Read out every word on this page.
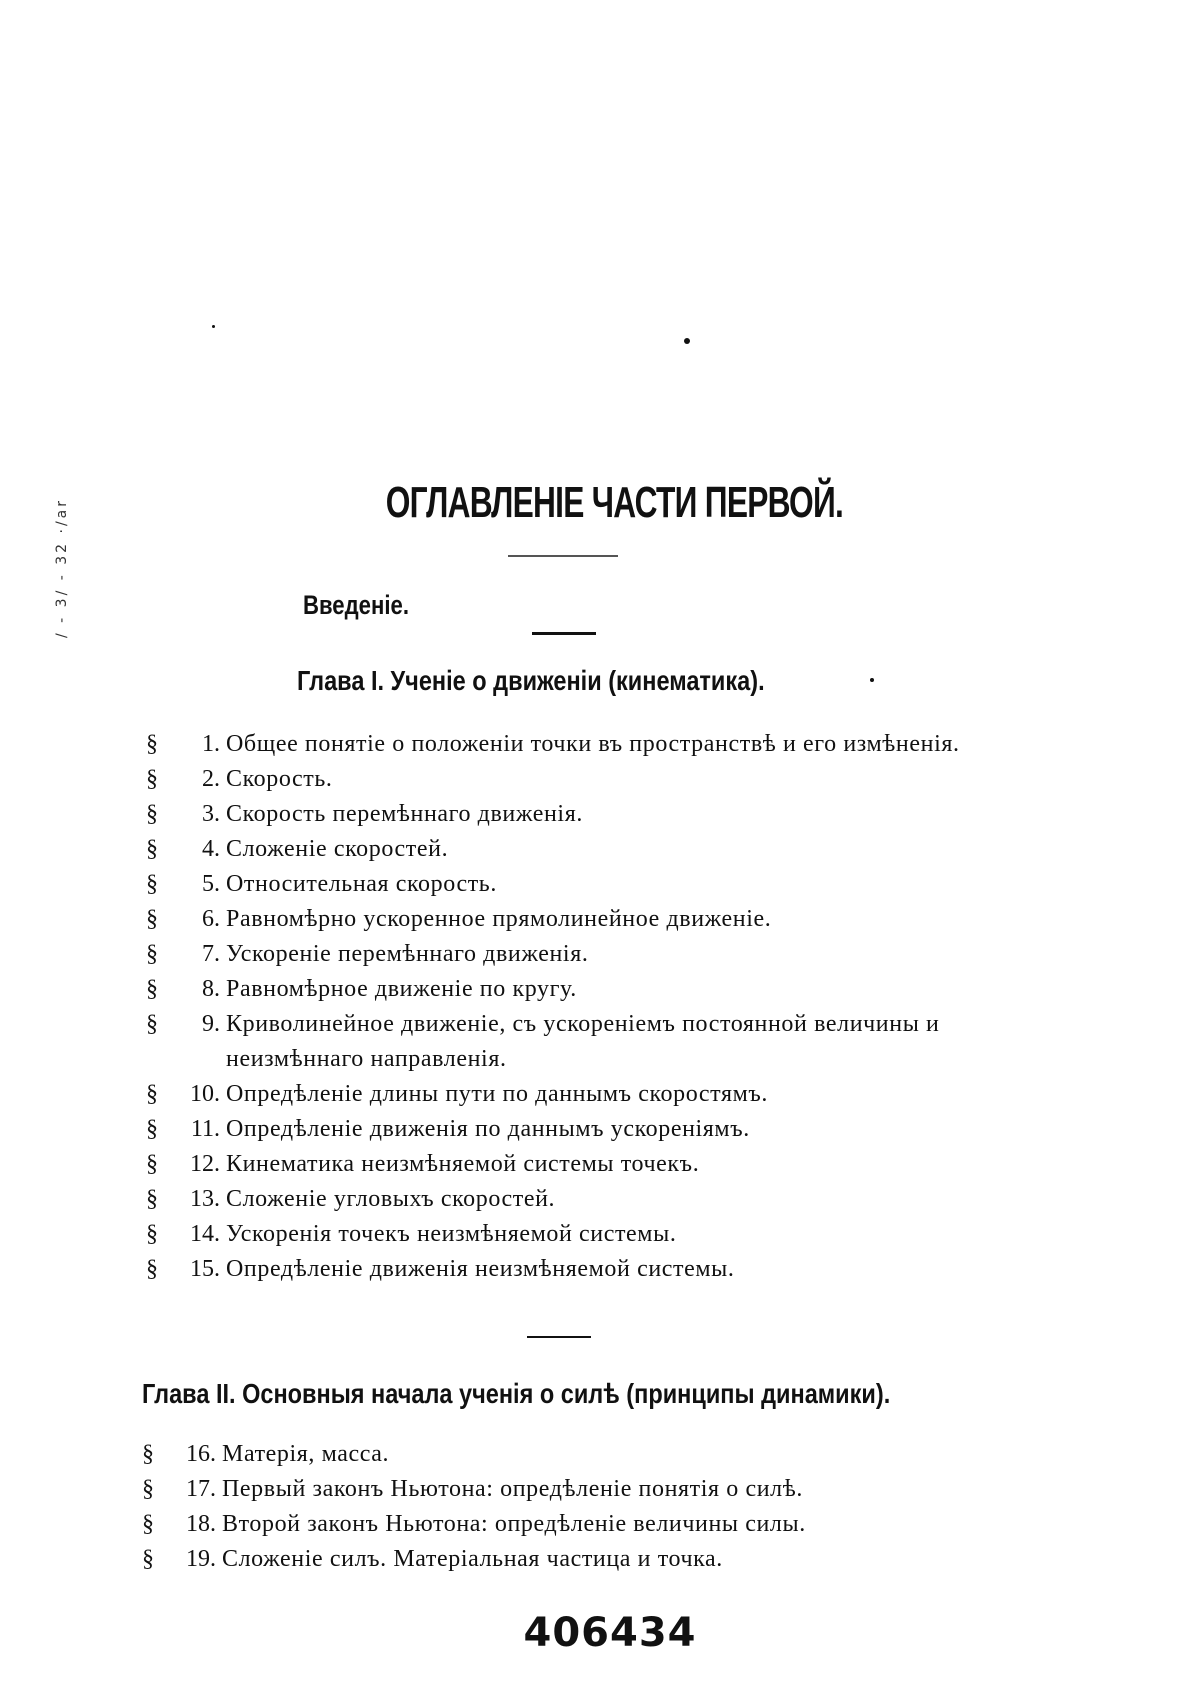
/ - 3/ - 32 ·/ar	ОГЛАВЛЕНІЕ ЧАСТИ ПЕРВОЙ.
Введеніе.
Глава I. Ученіе о движеніи (кинематика).
§	1. Общее понятіе о положеніи точки въ пространствѣ и его измѣненія.
§	2. Скорость.
§	3. Скорость перемѣннаго движенія.
§	4. Сложеніе скоростей.
§	5. Относительная скорость.
§	6. Равномѣрно ускоренное прямолинейное движеніе.
§	7. Ускореніе перемѣннаго движенія.
§	8. Равномѣрное движеніе по кругу.
§	9. Криволинейное движеніе, съ ускореніемъ постоянной величины и неизмѣннаго направленія.
§	10. Опредѣленіе длины пути по даннымъ скоростямъ.
§	11. Опредѣленіе движенія по даннымъ ускореніямъ.
§	12. Кинематика неизмѣняемой системы точекъ.
§	13. Сложеніе угловыхъ скоростей.
§	14. Ускоренія точекъ неизмѣняемой системы.
§	15. Опредѣленіе движенія неизмѣняемой системы.
Глава II. Основныя начала ученія о силѣ (принципы динамики).
§	16. Матерія, масса.
§	17. Первый законъ Ньютона: опредѣленіе понятія о силѣ.
§	18. Второй законъ Ньютона: опредѣленіе величины силы.
§	19. Сложеніе силъ. Матеріальная частица и точка.
406434
